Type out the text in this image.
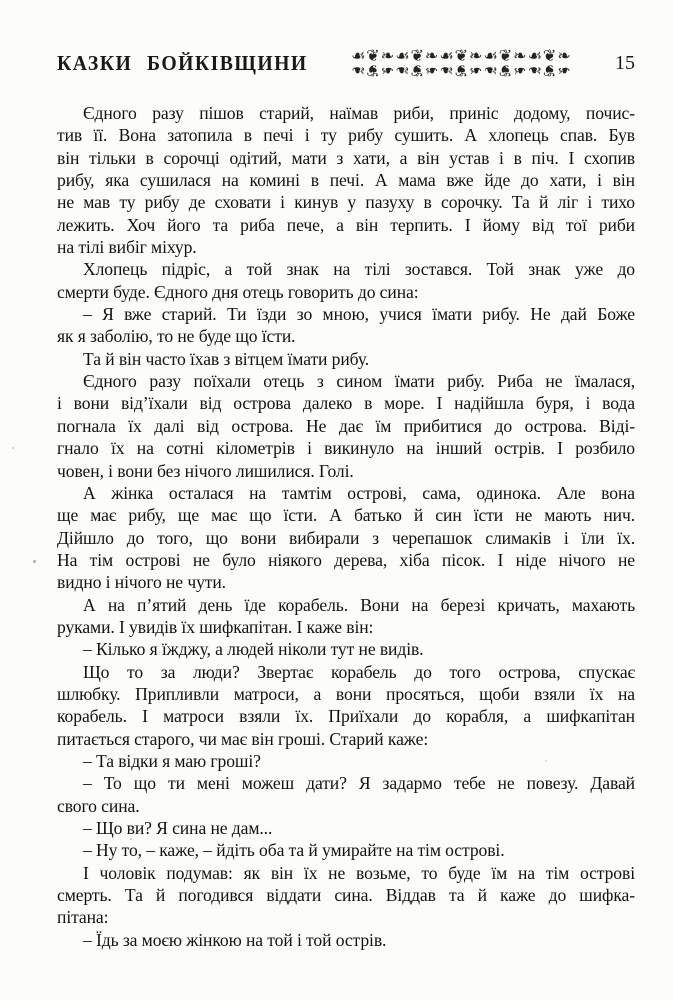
КАЗКИ БОЙКІВЩИНИ	☙❦❧☙❦❧☙❦❧☙❦❧☙❦❧
☙❦❧☙❦❧☙❦❧☙❦❧☙❦❧	15
Єдного разу пішов старий, наїмав риби, приніс додому, почис-
тив її. Вона затопила в печі і ту рибу сушить. А хлопець спав. Був
він тільки в сорочці одітий, мати з хати, а він устав і в піч. І схопив
рибу, яка сушилася на комині в печі. А мама вже йде до хати, і він
не мав ту рибу де сховати і кинув у пазуху в сорочку. Та й ліг і тихо
лежить. Хоч його та риба пече, а він терпить. І йому від тої риби
на тілі вибіг міхур.
Хлопець підріс, а той знак на тілі зостався. Той знак уже до
смерти буде. Єдного дня отець говорить до сина:
– Я вже старий. Ти їзди зо мною, учися їмати рибу. Не дай Боже
як я заболію, то не буде що їсти.
Та й він часто їхав з вітцем їмати рибу.
Єдного разу поїхали отець з сином їмати рибу. Риба не їмалася,
і вони від’їхали від острова далеко в море. І надійшла буря, і вода
погнала їх далі від острова. Не дає їм прибитися до острова. Віді-
гнало їх на сотні кілометрів і викинуло на інший острів. І розбило
човен, і вони без нічого лишилися. Голі.
А жінка осталася на тамтім острові, сама, одинока. Але вона
ще має рибу, ще має що їсти. А батько й син їсти не мають нич.
Дійшло до того, що вони вибирали з черепашок слимаків і їли їх.
На тім острові не було ніякого дерева, хіба пісок. І ніде нічого не
видно і нічого не чути.
А на п’ятий день їде корабель. Вони на березі кричать, махають
руками. І увидів їх шифкапітан. І каже він:
– Кілько я їжджу, а людей ніколи тут не видів.
Що то за люди? Звертає корабель до того острова, спускає
шлюбку. Припливли матроси, а вони просяться, щоби взяли їх на
корабель. І матроси взяли їх. Приїхали до корабля, а шифкапітан
питається старого, чи має він гроші. Старий каже:
– Та відки я маю гроші?
– То що ти мені можеш дати? Я задармо тебе не повезу. Давай
свого сина.
– Що ви? Я сина не дам...
– Ну то, – каже, – йдіть оба та й умирайте на тім острові.
І чоловік подумав: як він їх не возьме, то буде їм на тім острові
смерть. Та й погодився віддати сина. Віддав та й каже до шифка-
пітана:
– Їдь за моєю жінкою на той і той острів.
